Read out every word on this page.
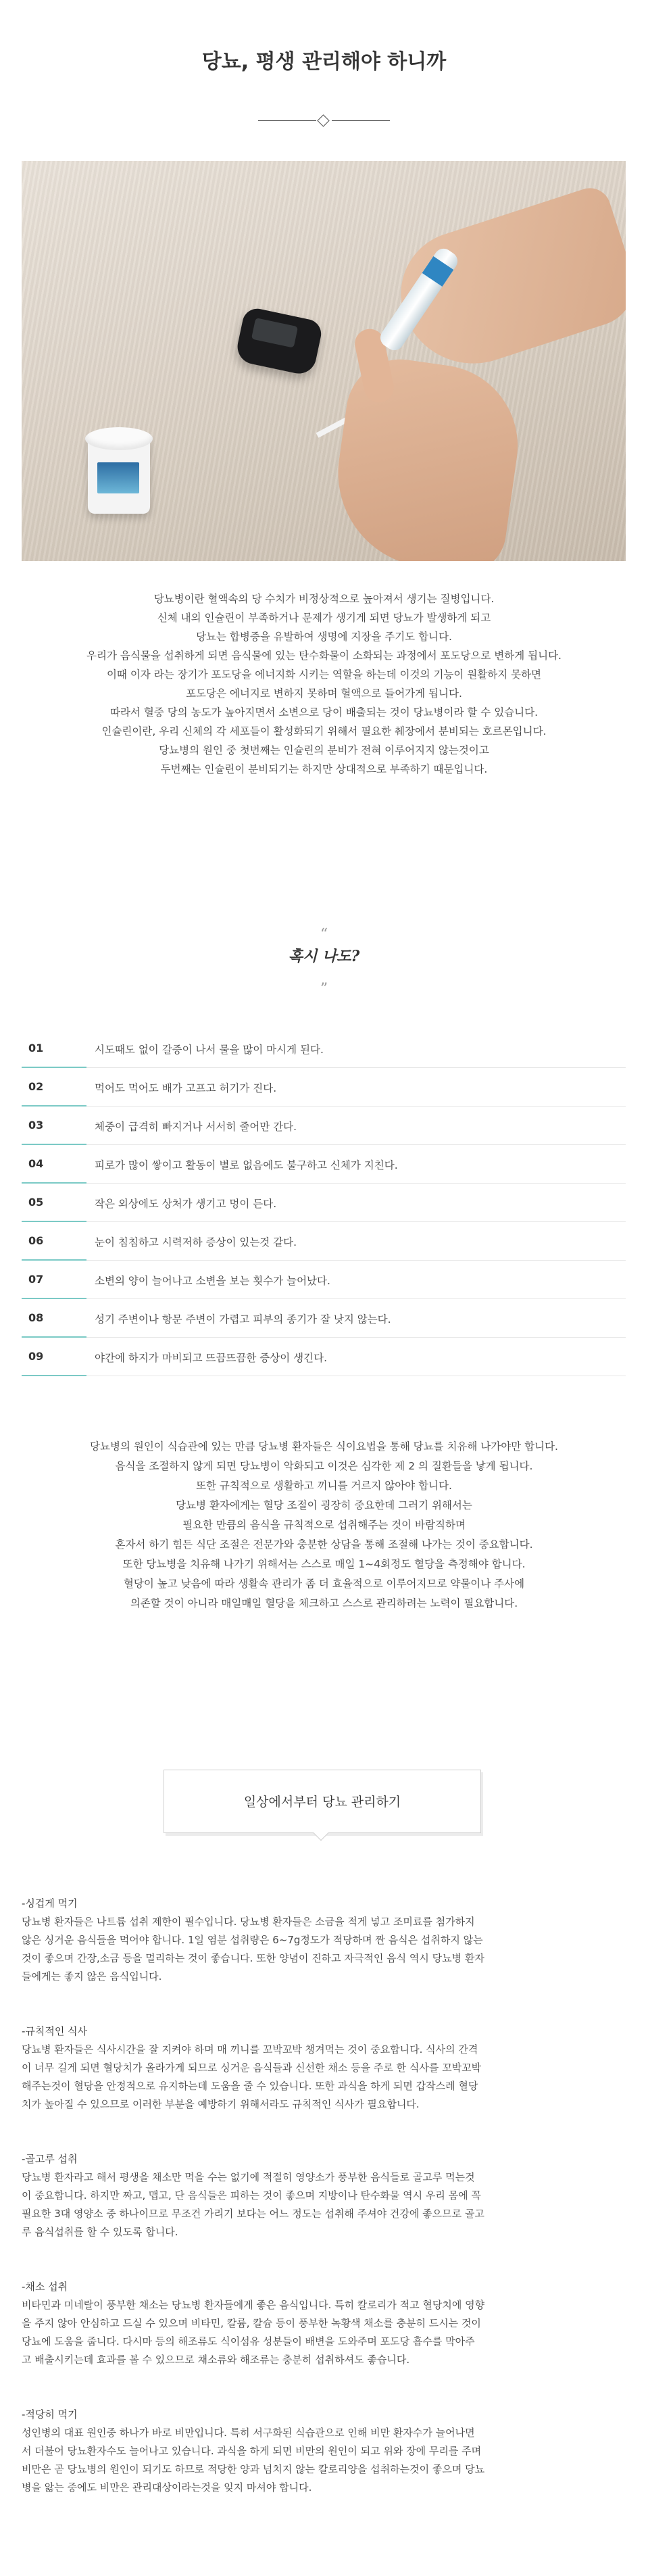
당뇨, 평생 관리해야 하니까

당뇨병이란 혈액속의 당 수치가 비정상적으로 높아져서 생기는 질병입니다.

신체 내의 인슐린이 부족하거나 문제가 생기게 되면 당뇨가 발생하게 되고

당뇨는 합병증을 유발하여 생명에 지장을 주기도 합니다.

우리가 음식물을 섭취하게 되면 음식물에 있는 탄수화물이 소화되는 과정에서 포도당으로 변하게 됩니다.

이때 이자 라는 장기가 포도당을 에너지화 시키는 역할을 하는데 이것의 기능이 원활하지 못하면

포도당은 에너지로 변하지 못하며 혈액으로 들어가게 됩니다.

따라서 혈중 당의 농도가 높아지면서 소변으로 당이 배출되는 것이 당뇨병이라 할 수 있습니다.

인슐린이란, 우리 신체의 각 세포들이 활성화되기 위해서 필요한 췌장에서 분비되는 호르몬입니다.

당뇨병의 원인 중 첫번째는 인슐린의 분비가 전혀 이루어지지 않는것이고

두번째는 인슐린이 분비되기는 하지만 상대적으로 부족하기 때문입니다.

“
혹시 나도?
”
01	시도때도 없이 갈증이 나서 물을 많이 마시게 된다.
02	먹어도 먹어도 배가 고프고 허기가 진다.
03	체중이 급격히 빠지거나 서서히 줄어만 간다.
04	피로가 많이 쌓이고 활동이 별로 없음에도 불구하고 신체가 지친다.
05	작은 외상에도 상처가 생기고 멍이 든다.
06	눈이 침침하고 시력저하 증상이 있는것 같다.
07	소변의 양이 늘어나고 소변을 보는 횟수가 늘어났다.
08	성기 주변이나 항문 주변이 가렵고 피부의 종기가 잘 낫지 않는다.
09	야간에 하지가 마비되고 뜨끔뜨끔한 증상이 생긴다.

당뇨병의 원인이 식습관에 있는 만큼 당뇨병 환자들은 식이요법을 통해 당뇨를 치유해 나가야만 합니다.

음식을 조절하지 않게 되면 당뇨병이 악화되고 이것은 심각한 제 2 의 질환들을 낳게 됩니다.

또한 규칙적으로 생활하고 끼니를 거르지 않아야 합니다.

당뇨병 환자에게는 혈당 조절이 굉장히 중요한데 그러기 위해서는

필요한 만큼의 음식을 규칙적으로 섭취해주는 것이 바람직하며

혼자서 하기 힘든 식단 조절은 전문가와 충분한 상담을 통해 조절해 나가는 것이 중요합니다.

또한 당뇨병을 치유해 나가기 위해서는 스스로 매일 1~4회정도 혈당을 측정해야 합니다.

혈당이 높고 낮음에 따라 생활속 관리가 좀 더 효율적으로 이루어지므로 약물이나 주사에

의존할 것이 아니라 매일매일 혈당을 체크하고 스스로 관리하려는 노력이 필요합니다.

일상에서부터 당뇨 관리하기
-싱겁게 먹기

당뇨병 환자들은 나트륨 섭취 제한이 필수입니다. 당뇨병 환자들은 소금을 적게 넣고 조미료를 첨가하지

않은 싱거운 음식들을 먹어야 합니다. 1일 염분 섭취량은 6~7g정도가 적당하며 짠 음식은 섭취하지 않는

것이 좋으며 간장,소금 등을 멀리하는 것이 좋습니다. 또한 양념이 진하고 자극적인 음식 역시 당뇨병 환자

들에게는 좋지 않은 음식입니다.

-규칙적인 식사

당뇨병 환자들은 식사시간을 잘 지켜야 하며 매 끼니를 꼬박꼬박 챙겨먹는 것이 중요합니다. 식사의 간격

이 너무 길게 되면 혈당치가 올라가게 되므로 싱거운 음식들과 신선한 채소 등을 주로 한 식사를 꼬박꼬박

해주는것이 혈당을 안정적으로 유지하는데 도움을 줄 수 있습니다. 또한 과식을 하게 되면 갑작스레 혈당

치가 높아질 수 있으므로 이러한 부분을 예방하기 위해서라도 규칙적인 식사가 필요합니다.

-골고루 섭취

당뇨병 환자라고 해서 평생을 채소만 먹을 수는 없기에 적절히 영양소가 풍부한 음식들로 골고루 먹는것

이 중요합니다. 하지만 짜고, 맵고, 단 음식들은 피하는 것이 좋으며 지방이나 탄수화물 역시 우리 몸에 꼭

필요한 3대 영양소 중 하나이므로 무조건 가리기 보다는 어느 정도는 섭취해 주셔야 건강에 좋으므로 골고

루 음식섭취를 할 수 있도록 합니다.

-채소 섭취

비타민과 미네랄이 풍부한 채소는 당뇨병 환자들에게 좋은 음식입니다. 특히 칼로리가 적고 혈당치에 영향

을 주지 않아 안심하고 드실 수 있으며 비타민, 칼륨, 칼슘 등이 풍부한 녹황색 채소를 충분히 드시는 것이

당뇨에 도움을 줍니다. 다시마 등의 해조류도 식이섬유 성분들이 배변을 도와주며 포도당 흡수를 막아주

고 배출시키는데 효과를 볼 수 있으므로 채소류와 해조류는 충분히 섭취하셔도 좋습니다.

-적당히 먹기

성인병의 대표 원인중 하나가 바로 비만입니다. 특히 서구화된 식습관으로 인해 비만 환자수가 늘어나면

서 더불어 당뇨환자수도 늘어나고 있습니다. 과식을 하게 되면 비만의 원인이 되고 위와 장에 무리를 주며

비만은 곧 당뇨병의 원인이 되기도 하므로 적당한 양과 넘치지 않는 칼로리양을 섭취하는것이 좋으며 당뇨

병을 앓는 중에도 비만은 관리대상이라는것을 잊지 마셔야 합니다.
